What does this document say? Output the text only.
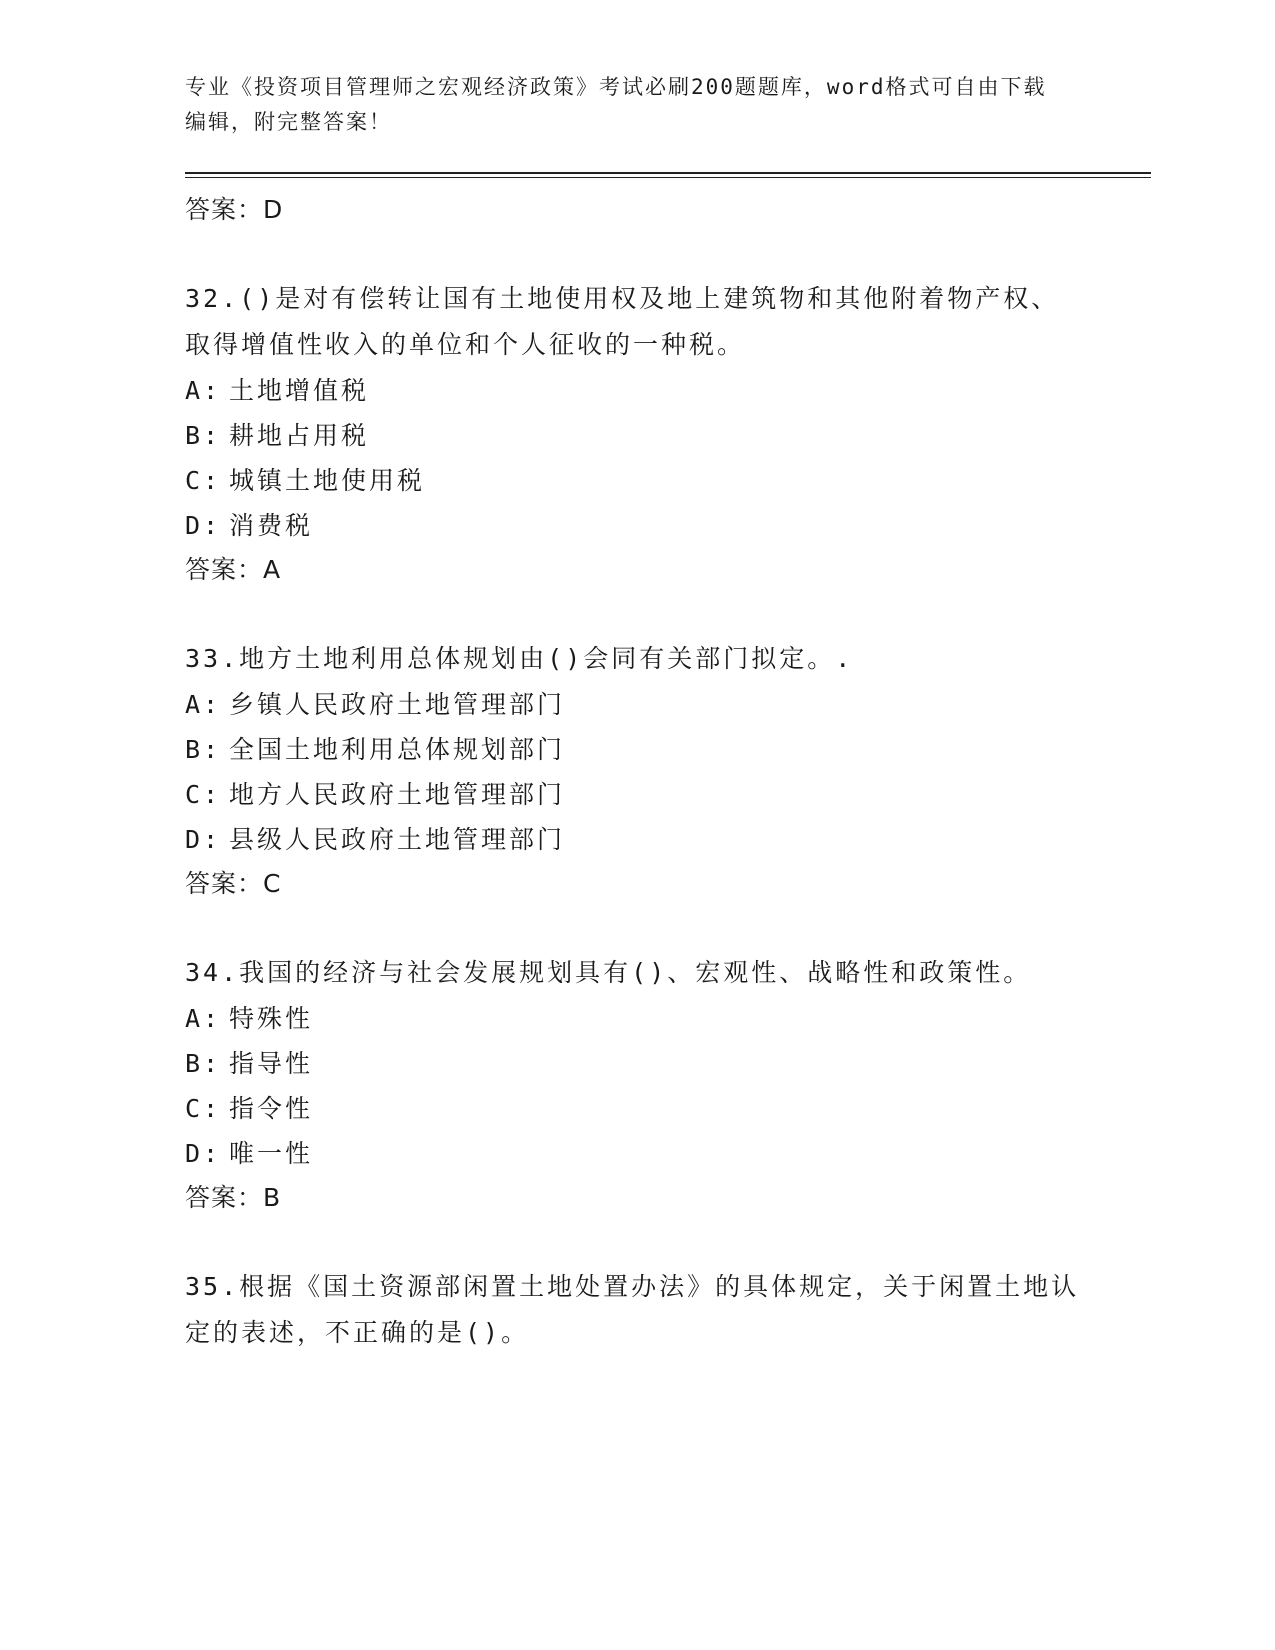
专业《投资项目管理师之宏观经济政策》考试必刷200题题库，word格式可自由下载编辑，附完整答案！

答案：D

32.()是对有偿转让国有土地使用权及地上建筑物和其他附着物产权、取得增值性收入的单位和个人征收的一种税。

A: 土地增值税

B: 耕地占用税

C: 城镇土地使用税

D: 消费税

答案：A

33.地方土地利用总体规划由()会同有关部门拟定。.

A: 乡镇人民政府土地管理部门

B: 全国土地利用总体规划部门

C: 地方人民政府土地管理部门

D: 县级人民政府土地管理部门

答案：C

34.我国的经济与社会发展规划具有()、宏观性、战略性和政策性。

A: 特殊性

B: 指导性

C: 指令性

D: 唯一性

答案：B

35.根据《国土资源部闲置土地处置办法》的具体规定，关于闲置土地认定的表述，不正确的是()。
